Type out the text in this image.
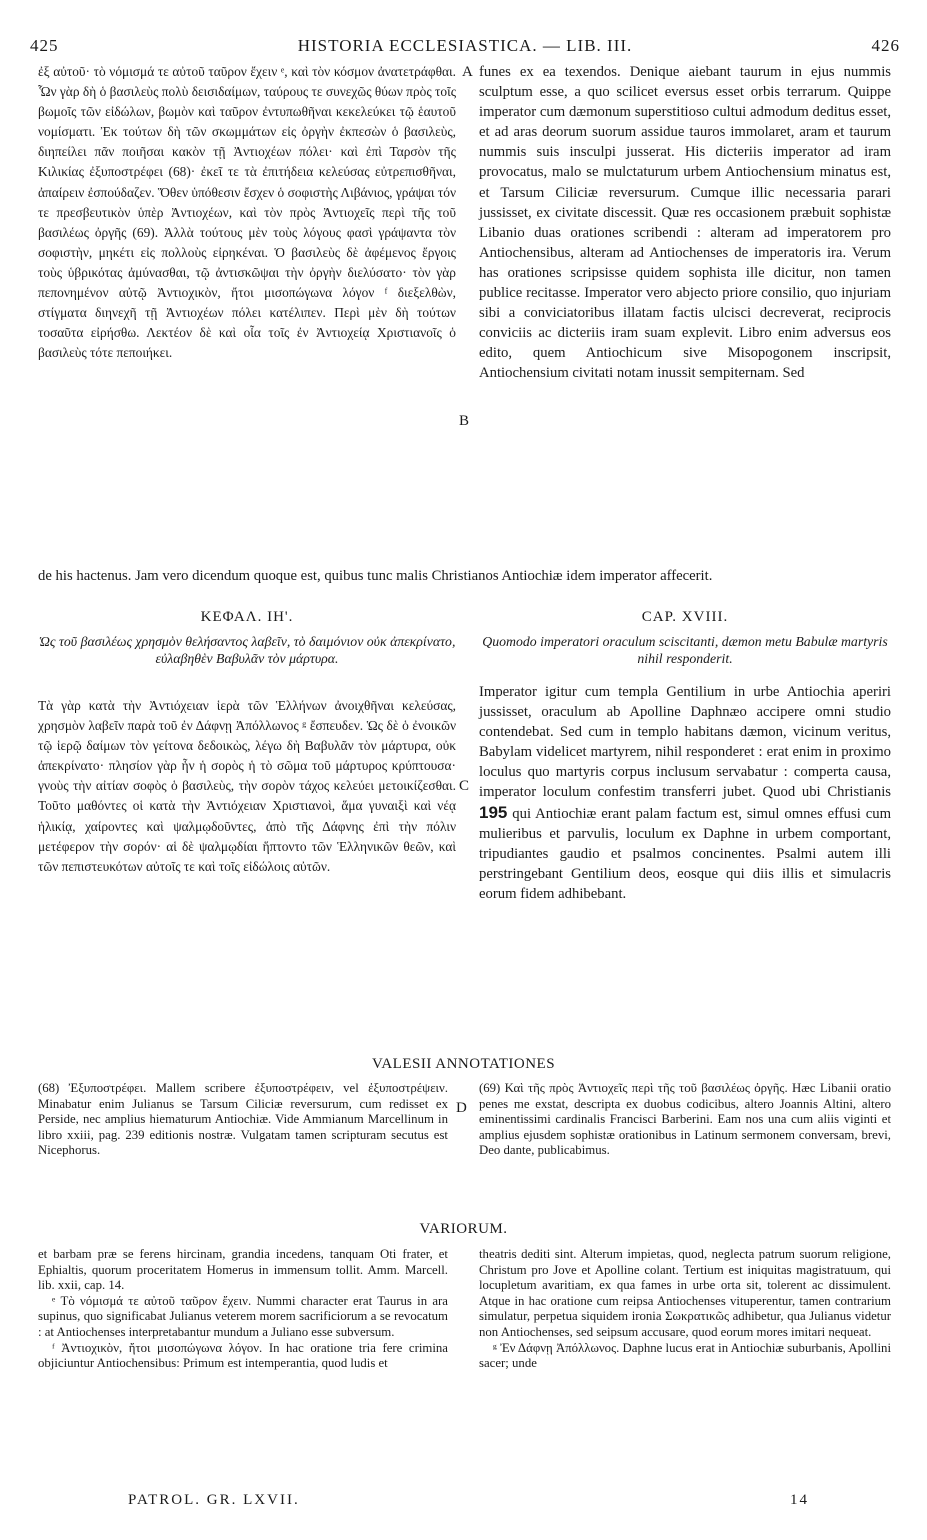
425	HISTORIA ECCLESIASTICA. — LIB. III.	426

ἐξ αὐτοῦ· τὸ νόμισμά τε αὐτοῦ ταῦρον ἔχειν ᵉ, καὶ τὸν κόσμον ἀνατετράφθαι. Ὧν γὰρ δὴ ὁ βασιλεὺς πολὺ δεισιδαίμων, ταύρους τε συνεχῶς θύων πρὸς τοῖς βωμοῖς τῶν εἰδώλων, βωμὸν καὶ ταῦρον ἐντυπωθῆναι κεκελεύκει τῷ ἑαυτοῦ νομίσματι. Ἐκ τούτων δὴ τῶν σκωμμάτων εἰς ὀργὴν ἐκπεσὼν ὁ βασιλεὺς, διηπείλει πᾶν ποιῆσαι κακὸν τῇ Ἀντιοχέων πόλει· καὶ ἐπὶ Ταρσὸν τῆς Κιλικίας ἐξυποστρέφει (68)· ἐκεῖ τε τὰ ἐπιτήδεια κελεύσας εὐτρεπισθῆναι, ἀπαίρειν ἐσπούδαζεν. Ὅθεν ὑπόθεσιν ἔσχεν ὁ σοφιστὴς Λιβάνιος, γράψαι τόν τε πρεσβευτικὸν ὑπὲρ Ἀντιοχέων, καὶ τὸν πρὸς Ἀντιοχεῖς περὶ τῆς τοῦ βασιλέως ὀργῆς (69). Ἀλλὰ τούτους μὲν τοὺς λόγους φασὶ γράψαντα τὸν σοφιστὴν, μηκέτι εἰς πολλοὺς εἰρηκέναι. Ὁ βασιλεὺς δὲ ἀφέμενος ἔργοις τοὺς ὑβρικότας ἀμύνασθαι, τῷ ἀντισκῶψαι τὴν ὀργὴν διελύσατο· τὸν γὰρ πεπονημένον αὐτῷ Ἀντιοχικὸν, ἤτοι μισοπώγωνα λόγον ᶠ διεξελθὼν, στίγματα διηνεχῆ τῇ Ἀντιοχέων πόλει κατέλιπεν. Περὶ μὲν δὴ τούτων τοσαῦτα εἰρήσθω. Λεκτέον δὲ καὶ οἷα τοῖς ἐν Ἀντιοχείᾳ Χριστιανοῖς ὁ βασιλεὺς τότε πεποιήκει.

funes ex ea texendos. Denique aiebant taurum in ejus nummis sculptum esse, a quo scilicet eversus esset orbis terrarum. Quippe imperator cum dæmonum superstitioso cultui admodum deditus esset, et ad aras deorum suorum assidue tauros immolaret, aram et taurum nummis suis insculpi jusserat. His dicteriis imperator ad iram provocatus, malo se mulctaturum urbem Antiochensium minatus est, et Tarsum Ciliciæ reversurum. Cumque illic necessaria parari jussisset, ex civitate discessit. Quæ res occasionem præbuit sophistæ Libanio duas orationes scribendi : alteram ad imperatorem pro Antiochensibus, alteram ad Antiochenses de imperatoris ira. Verum has orationes scripsisse quidem sophista ille dicitur, non tamen publice recitasse. Imperator vero abjecto priore consilio, quo injuriam sibi a conviciatoribus illatam factis ulcisci decreverat, reciprocis conviciis ac dicteriis iram suam explevit. Libro enim adversus eos edito, quem Antiochicum sive Misopogonem inscripsit, Antiochensium civitati notam inussit sempiternam. Sed

A
B
C
D

de his hactenus. Jam vero dicendum quoque est, quibus tunc malis Christianos Antiochiæ idem imperator affecerit.

ΚΕΦΑΛ. ΙΗ'.
Ὡς τοῦ βασιλέως χρησμὸν θελήσαντος λαβεῖν, τὸ δαιμόνιον οὐκ ἀπεκρίνατο, εὐλαβηθὲν Βαβυλᾶν τὸν μάρτυρα.
CAP. XVIII.
Quomodo imperatori oraculum sciscitanti, dæmon metu Babulæ martyris nihil responderit.

Τὰ γὰρ κατὰ τὴν Ἀντιόχειαν ἱερὰ τῶν Ἑλλήνων ἀνοιχθῆναι κελεύσας, χρησμὸν λαβεῖν παρὰ τοῦ ἐν Δάφνῃ Ἀπόλλωνος ᵍ ἔσπευδεν. Ὡς δὲ ὁ ἐνοικῶν τῷ ἱερῷ δαίμων τὸν γείτονα δεδοικὼς, λέγω δὴ Βαβυλᾶν τὸν μάρτυρα, οὐκ ἀπεκρίνατο· πλησίον γὰρ ἦν ἡ σορὸς ἡ τὸ σῶμα τοῦ μάρτυρος κρύπτουσα· γνοὺς τὴν αἰτίαν σοφὸς ὁ βασιλεὺς, τὴν σορὸν τάχος κελεύει μετοικίζεσθαι. Τοῦτο μαθόντες οἱ κατὰ τὴν Ἀντιόχειαν Χριστιανοὶ, ἅμα γυναιξὶ καὶ νέᾳ ἡλικίᾳ, χαίροντες καὶ ψαλμῳδοῦντες, ἀπὸ τῆς Δάφνης ἐπὶ τὴν πόλιν μετέφερον τὴν σορόν· αἱ δὲ ψαλμῳδίαι ἥπτοντο τῶν Ἑλληνικῶν θεῶν, καὶ τῶν πεπιστευκότων αὐτοῖς τε καὶ τοῖς εἰδώλοις αὐτῶν.

Imperator igitur cum templa Gentilium in urbe Antiochia aperiri jussisset, oraculum ab Apolline Daphnæo accipere omni studio contendebat. Sed cum in templo habitans dæmon, vicinum veritus, Babylam videlicet martyrem, nihil responderet : erat enim in proximo loculus quo martyris corpus inclusum servabatur : comperta causa, imperator loculum confestim transferri jubet. Quod ubi Christianis 195 qui Antiochiæ erant palam factum est, simul omnes effusi cum mulieribus et parvulis, loculum ex Daphne in urbem comportant, tripudiantes gaudio et psalmos concinentes. Psalmi autem illi perstringebant Gentilium deos, eosque qui diis illis et simulacris eorum fidem adhibebant.

VALESII ANNOTATIONES

(68) Ἐξυποστρέφει. Mallem scribere ἐξυποστρέφειν, vel ἐξυποστρέψειν. Minabatur enim Julianus se Tarsum Ciliciæ reversurum, cum redisset ex Perside, nec amplius hiematurum Antiochiæ. Vide Ammianum Marcellinum in libro xxiii, pag. 239 editionis nostræ. Vulgatam tamen scripturam secutus est Nicephorus.

(69) Καὶ τῆς πρὸς Ἀντιοχεῖς περὶ τῆς τοῦ βασιλέως ὀργῆς. Hæc Libanii oratio penes me exstat, descripta ex duobus codicibus, altero Joannis Altini, altero eminentissimi cardinalis Francisci Barberini. Eam nos una cum aliis viginti et amplius ejusdem sophistæ orationibus in Latinum sermonem conversam, brevi, Deo dante, publicabimus.

VARIORUM.

et barbam præ se ferens hircinam, grandia incedens, tanquam Oti frater, et Ephialtis, quorum proceritatem Homerus in immensum tollit. Amm. Marcell. lib. xxii, cap. 14.

ᵉ Τὸ νόμισμά τε αὐτοῦ ταῦρον ἔχειν. Nummi character erat Taurus in ara supinus, quo significabat Julianus veterem morem sacrificiorum a se revocatum : at Antiochenses interpretabantur mundum a Juliano esse subversum.

ᶠ Ἀντιοχικὸν, ἤτοι μισοπώγωνα λόγον. In hac oratione tria fere crimina objiciuntur Antiochensibus: Primum est intemperantia, quod ludis et

theatris dediti sint. Alterum impietas, quod, neglecta patrum suorum religione, Christum pro Jove et Apolline colant. Tertium est iniquitas magistratuum, qui locupletum avaritiam, ex qua fames in urbe orta sit, tolerent ac dissimulent. Atque in hac oratione cum reipsa Antiochenses vituperentur, tamen contrarium simulatur, perpetua siquidem ironia Σωκρατικῶς adhibetur, qua Julianus videtur non Antiochenses, sed seipsum accusare, quod eorum mores imitari nequeat.

ᵍ Ἐν Δάφνῃ Ἀπόλλωνος. Daphne lucus erat in Antiochiæ suburbanis, Apollini sacer; unde

PATROL. GR. LXVII.	14
